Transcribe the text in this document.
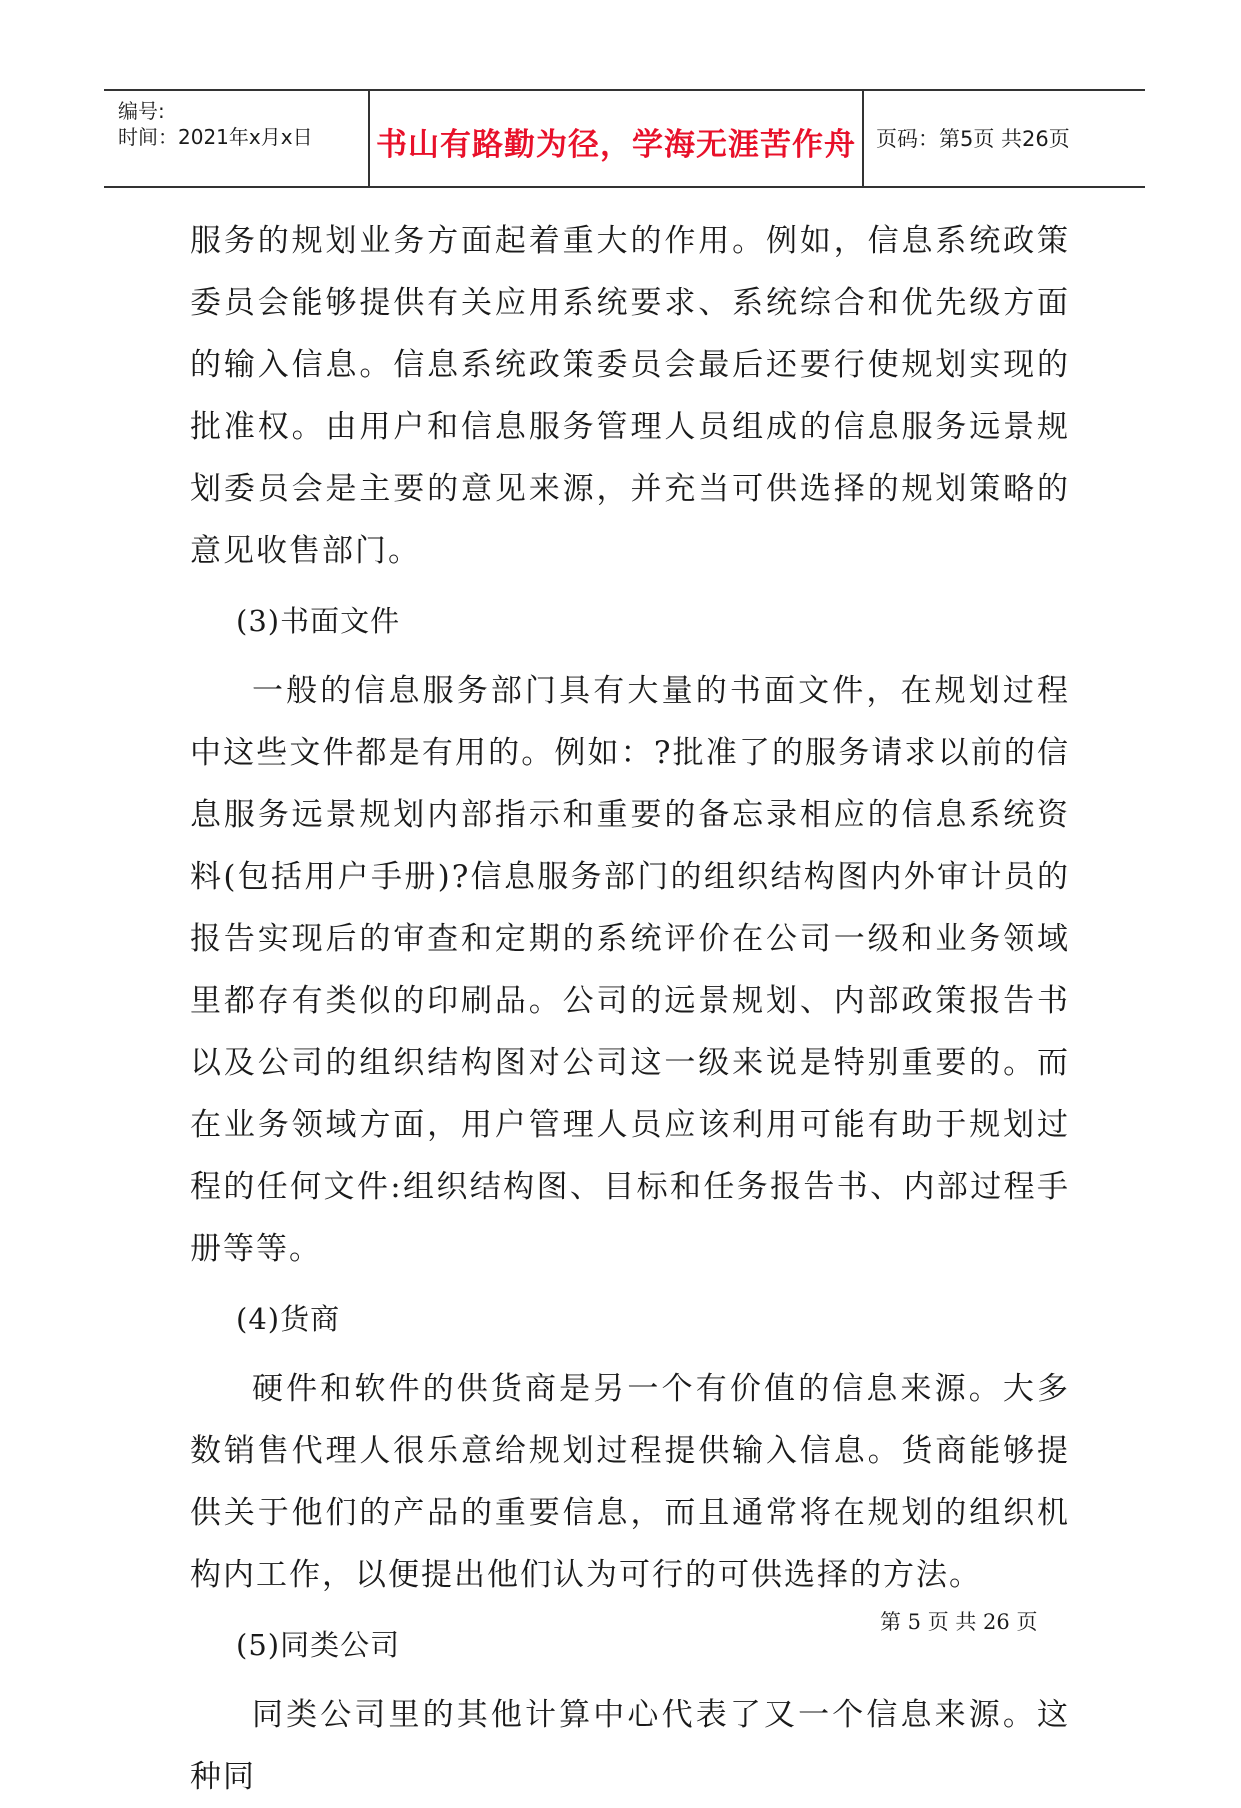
编号:
时间：2021年x月x日 书山有路勤为径，学海无涯苦作舟 页码：第5页 共26页
服务的规划业务方面起着重大的作用。例如，信息系统政策委员会能够提供有关应用系统要求、系统综合和优先级方面的输入信息。信息系统政策委员会最后还要行使规划实现的批准权。由用户和信息服务管理人员组成的信息服务远景规划委员会是主要的意见来源，并充当可供选择的规划策略的意见收售部门。
(3)书面文件
一般的信息服务部门具有大量的书面文件，在规划过程中这些文件都是有用的。例如：?批准了的服务请求以前的信息服务远景规划内部指示和重要的备忘录相应的信息系统资料(包括用户手册)?信息服务部门的组织结构图内外审计员的报告实现后的审查和定期的系统评价在公司一级和业务领域里都存有类似的印刷品。公司的远景规划、内部政策报告书以及公司的组织结构图对公司这一级来说是特别重要的。而在业务领域方面，用户管理人员应该利用可能有助于规划过程的任何文件:组织结构图、目标和任务报告书、内部过程手册等等。
(4)货商
硬件和软件的供货商是另一个有价值的信息来源。大多数销售代理人很乐意给规划过程提供输入信息。货商能够提供关于他们的产品的重要信息，而且通常将在规划的组织机构内工作，以便提出他们认为可行的可供选择的方法。
(5)同类公司
同类公司里的其他计算中心代表了又一个信息来源。这种同
第 5 页 共 26 页
